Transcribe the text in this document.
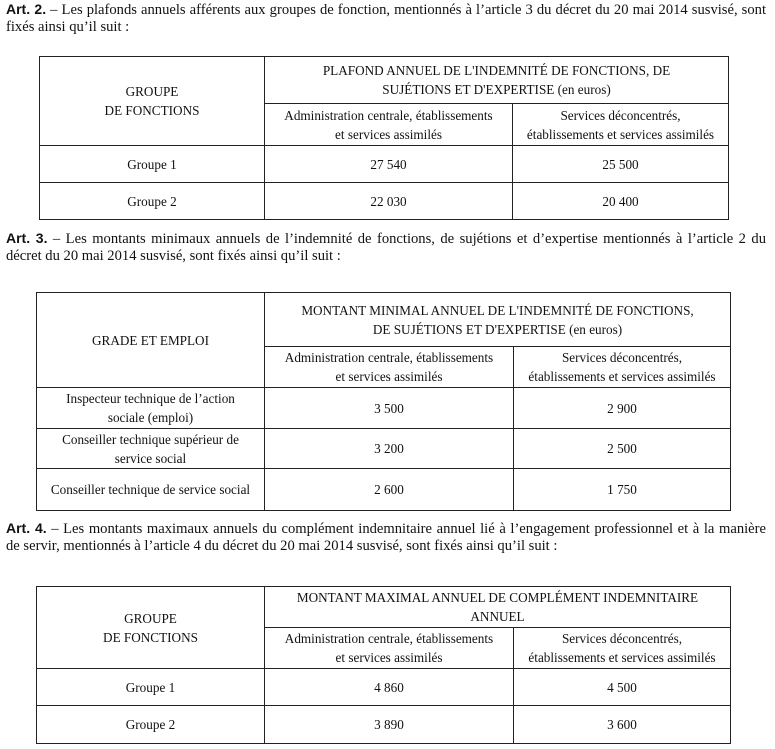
Art. 2. – Les plafonds annuels afférents aux groupes de fonction, mentionnés à l’article 3 du décret du 20 mai 2014 susvisé, sont fixés ainsi qu’il suit :

GROUPE
DE FONCTIONS	PLAFOND ANNUEL DE L'INDEMNITÉ DE FONCTIONS, DE
SUJÉTIONS ET D'EXPERTISE (en euros)	
	Administration centrale, établissements
et services assimilés	Services déconcentrés,
établissements et services assimilés
Groupe 1	27 540	25 500
Groupe 2	22 030	20 400

Art. 3. – Les montants minimaux annuels de l’indemnité de fonctions, de sujétions et d’expertise mentionnés à l’article 2 du décret du 20 mai 2014 susvisé, sont fixés ainsi qu’il suit :

GRADE ET EMPLOI	MONTANT MINIMAL ANNUEL DE L'INDEMNITÉ DE FONCTIONS,
DE SUJÉTIONS ET D'EXPERTISE (en euros)	
	Administration centrale, établissements
et services assimilés	Services déconcentrés,
établissements et services assimilés
Inspecteur technique de l’action
sociale (emploi)	3 500	2 900
Conseiller technique supérieur de
service social	3 200	2 500
Conseiller technique de service social	2 600	1 750

Art. 4. – Les montants maximaux annuels du complément indemnitaire annuel lié à l’engagement professionnel et à la manière de servir, mentionnés à l’article 4 du décret du 20 mai 2014 susvisé, sont fixés ainsi qu’il suit :

GROUPE
DE FONCTIONS	MONTANT MAXIMAL ANNUEL DE COMPLÉMENT INDEMNITAIRE
ANNUEL	
	Administration centrale, établissements
et services assimilés	Services déconcentrés,
établissements et services assimilés
Groupe 1	4 860	4 500
Groupe 2	3 890	3 600
